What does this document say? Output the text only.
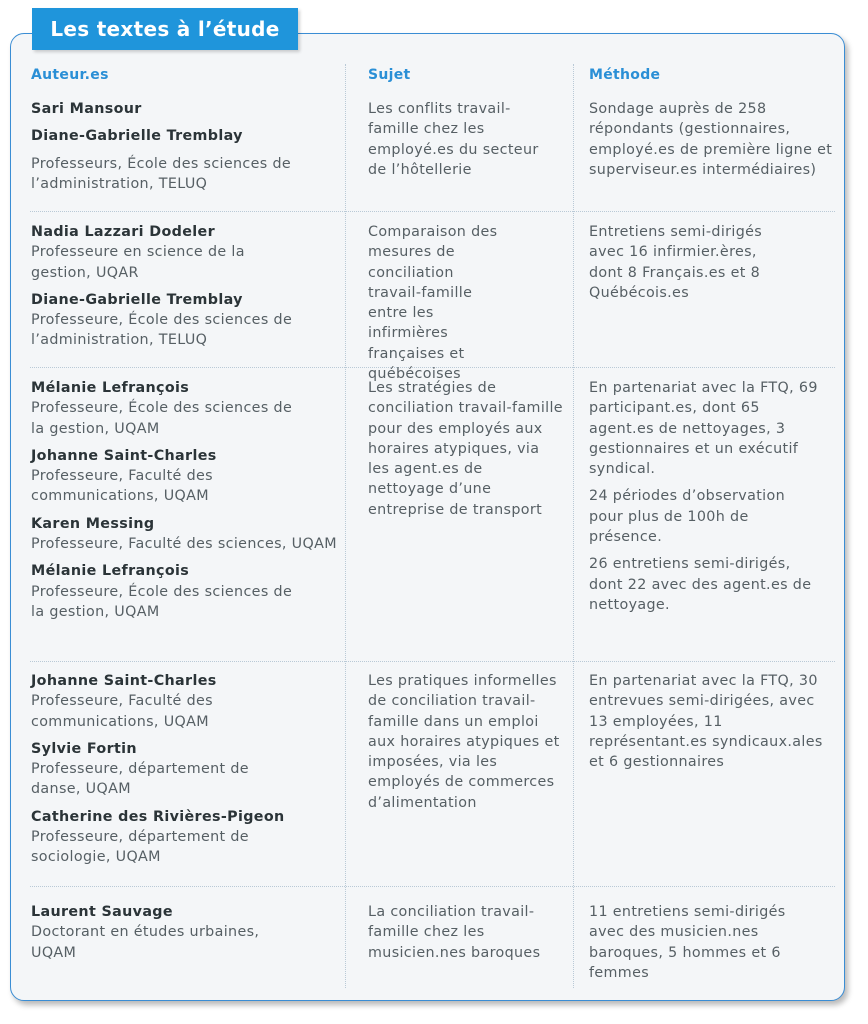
Les textes à l’étude
Auteur.es	Sujet	Méthode
Sari Mansour
Diane-Gabrielle Tremblay
Professeurs, École des sciences de l’administration, TELUQ
Les conflits travail-famille chez les employé.es du secteur de l’hôtellerie
Sondage auprès de 258 répondants (gestionnaires, employé.es de première ligne et superviseur.es intermédiaires)
Nadia Lazzari Dodeler
Professeure en science de la gestion, UQAR
Diane-Gabrielle Tremblay
Professeure, École des sciences de l’administration, TELUQ
Comparaison des mesures de conciliation travail-famille entre les infirmières françaises et québécoises
Entretiens semi-dirigés avec 16 infirmier.ères, dont 8 Français.es et 8 Québécois.es
Mélanie Lefrançois
Professeure, École des sciences de la gestion, UQAM
Johanne Saint-Charles
Professeure, Faculté des communications, UQAM
Karen Messing
Professeure, Faculté des sciences, UQAM
Mélanie Lefrançois
Professeure, École des sciences de la gestion, UQAM
Les stratégies de conciliation travail-famille pour des employés aux horaires atypiques, via les agent.es de nettoyage d’une entreprise de transport
En partenariat avec la FTQ, 69 participant.es, dont 65 agent.es de nettoyages, 3 gestionnaires et un exécutif syndical.
24 périodes d’observation pour plus de 100h de présence.
26 entretiens semi-dirigés, dont 22 avec des agent.es de nettoyage.
Johanne Saint-Charles
Professeure, Faculté des communications, UQAM
Sylvie Fortin
Professeure, département de danse, UQAM
Catherine des Rivières-Pigeon
Professeure, département de sociologie, UQAM
Les pratiques informelles de conciliation travail-famille dans un emploi aux horaires atypiques et imposées, via les employés de commerces d’alimentation
En partenariat avec la FTQ, 30 entrevues semi-dirigées, avec 13 employées, 11 représentant.es syndicaux.ales et 6 gestionnaires
Laurent Sauvage
Doctorant en études urbaines, UQAM
La conciliation travail-famille chez les musicien.nes baroques
11 entretiens semi-dirigés avec des musicien.nes baroques, 5 hommes et 6 femmes
